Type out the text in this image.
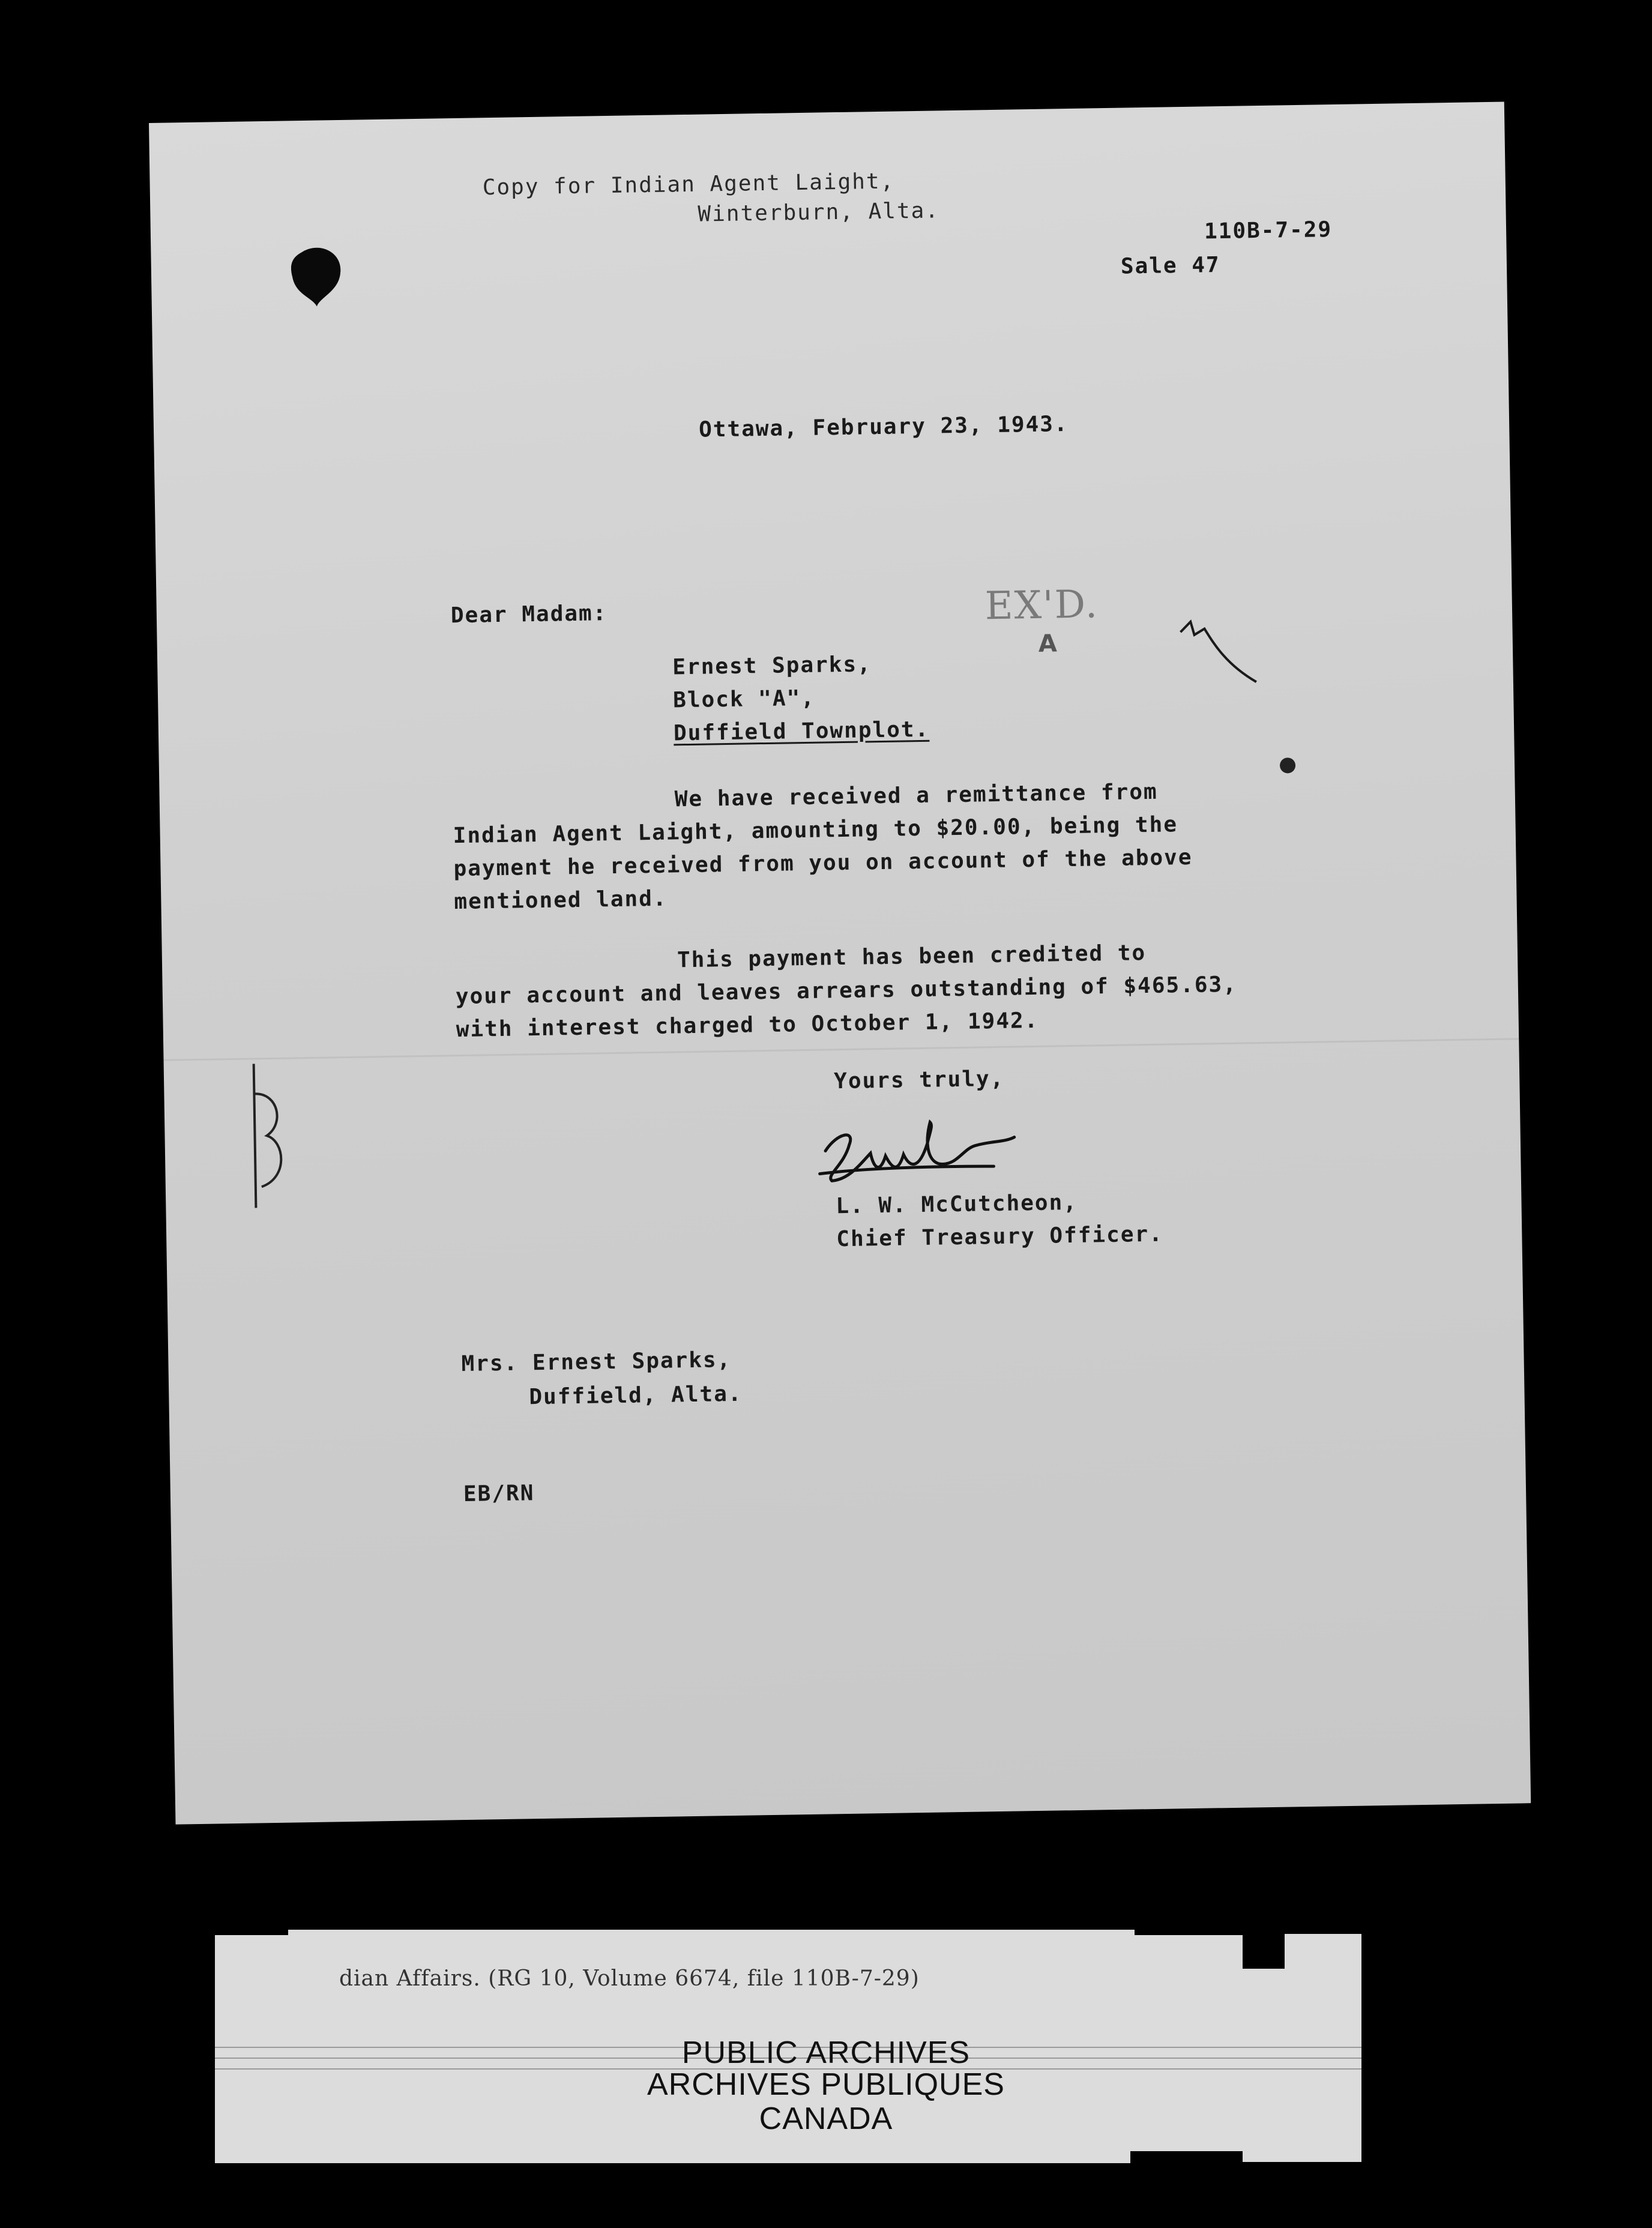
Copy for Indian Agent Laight,
Winterburn, Alta.
110B-7-29
Sale 47
Ottawa, February 23, 1943.
Dear Madam:	EX'D.
A
Ernest Sparks,
Block "A",
Duffield Townplot.
We have received a remittance from
Indian Agent Laight, amounting to $20.00, being the
payment he received from you on account of the above
mentioned land.
This payment has been credited to
your account and leaves arrears outstanding of $465.63,
with interest charged to October 1, 1942.
Yours truly,
L. W. McCutcheon,
Chief Treasury Officer.
Mrs. Ernest Sparks,
Duffield, Alta.
EB/RN
dian Affairs. (RG 10, Volume 6674, file 110B-7-29)
PUBLIC ARCHIVES
ARCHIVES PUBLIQUES
CANADA
